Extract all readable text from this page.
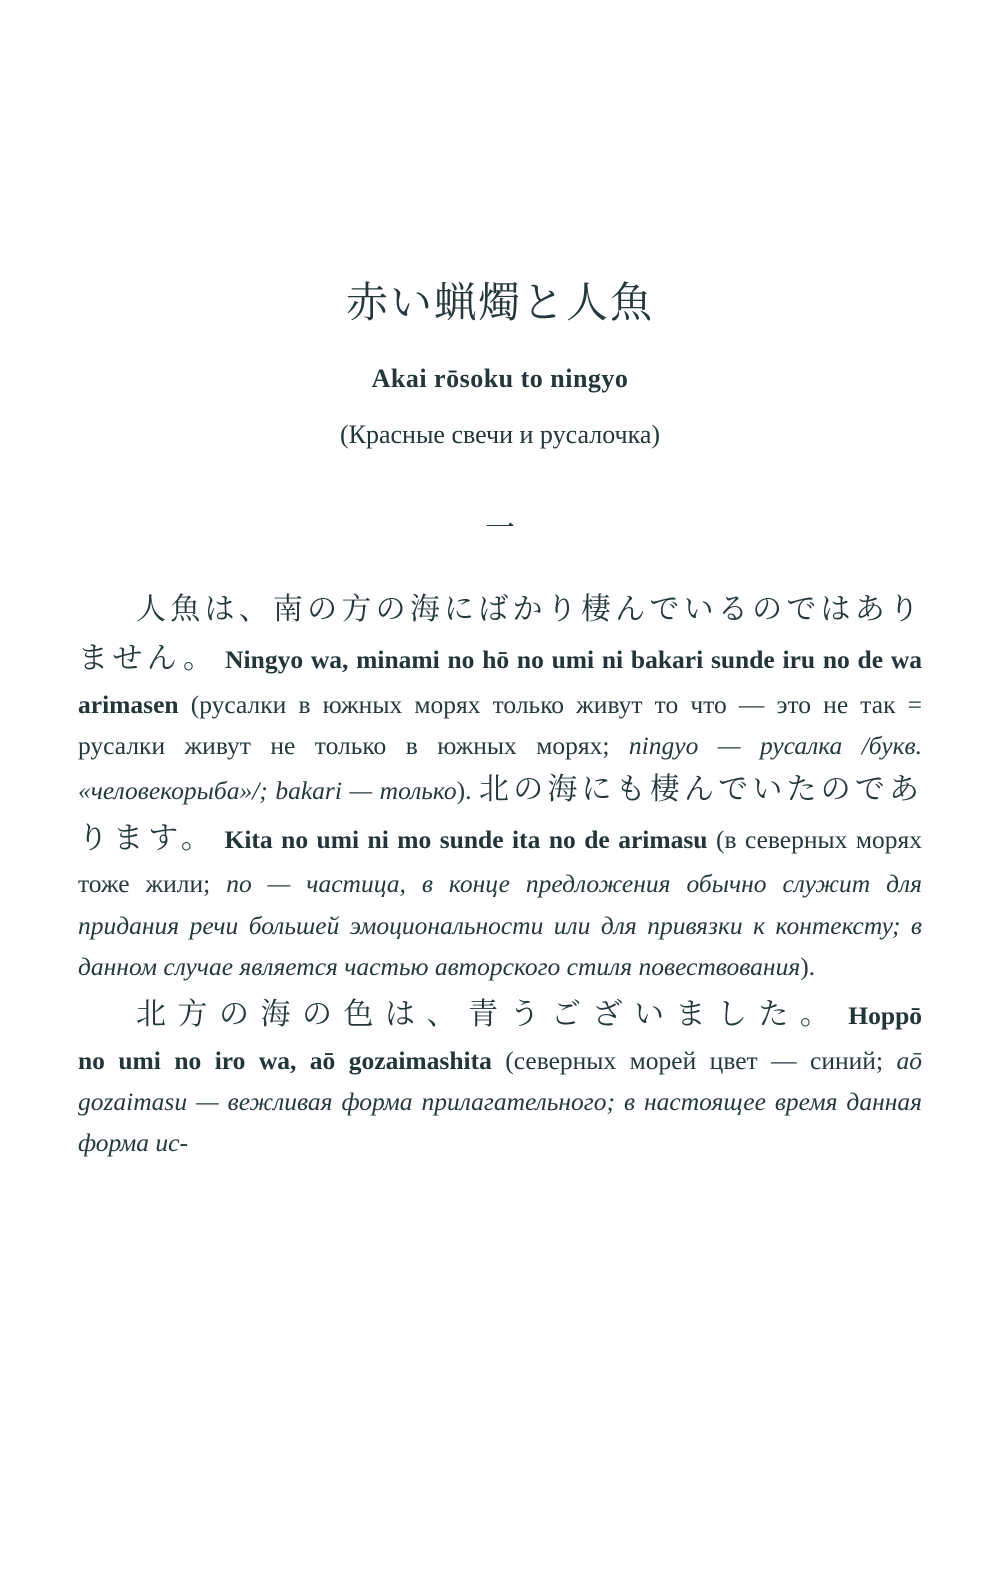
赤い蝋燭と人魚
Akai rōsoku to ningyo
(Красные свечи и русалочка)
一

人魚は、南の方の海にばかり棲んでいるのではありません。 Ningyo wa, minami no hō no umi ni bakari sunde iru no de wa arimasen (русалки в южных морях только живут то что — это не так = русалки живут не только в южных морях; ningyo — русалка /букв. «человекорыба»/; bakari — только). 北の海にも棲んでいたのであります。 Kita no umi ni mo sunde ita no de arimasu (в северных морях тоже жили; no — частица, в конце предложения обычно служит для придания речи большей эмоциональности или для привязки к контексту; в данном случае является частью авторского стиля повествования).

北方の海の色は、青うございました。 Hoppō no umi no iro wa, aō gozaimashita (северных морей цвет — синий; aō gozaimasu — вежливая форма прилагательного; в настоящее время данная форма ис-
